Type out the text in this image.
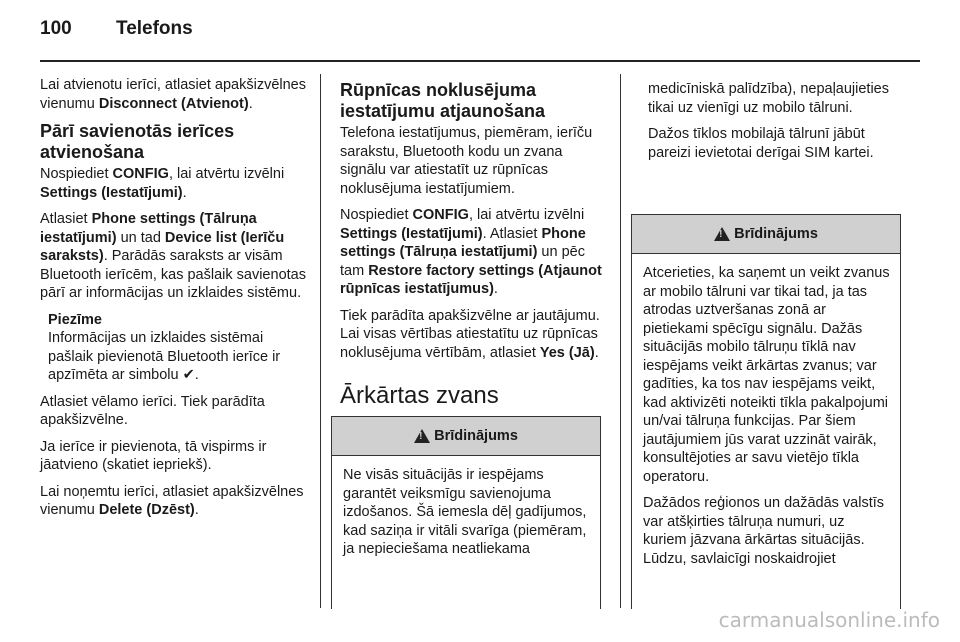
100 Telefons

Lai atvienotu ierīci, atlasiet apakšizvēlnes vienumu Disconnect (Atvienot).

Pārī savienotās ierīces atvienošana

Nospiediet CONFIG, lai atvērtu izvēlni Settings (Iestatījumi).

Atlasiet Phone settings (Tālruņa iestatījumi) un tad Device list (Ierīču saraksts). Parādās saraksts ar visām Bluetooth ierīcēm, kas pašlaik savienotas pārī ar informācijas un izklaides sistēmu.

Piezīme
Informācijas un izklaides sistēmai pašlaik pievienotā Bluetooth ierīce ir apzīmēta ar simbolu ✔.

Atlasiet vēlamo ierīci. Tiek parādīta apakšizvēlne.

Ja ierīce ir pievienota, tā vispirms ir jāatvieno (skatiet iepriekš).

Lai noņemtu ierīci, atlasiet apakšizvēlnes vienumu Delete (Dzēst).

Rūpnīcas noklusējuma iestatījumu atjaunošana

Telefona iestatījumus, piemēram, ierīču sarakstu, Bluetooth kodu un zvana signālu var atiestatīt uz rūpnīcas noklusējuma iestatījumiem.

Nospiediet CONFIG, lai atvērtu izvēlni Settings (Iestatījumi). Atlasiet Phone settings (Tālruņa iestatījumi) un pēc tam Restore factory settings (Atjaunot rūpnīcas iestatījumus).

Tiek parādīta apakšizvēlne ar jautājumu. Lai visas vērtības atiestatītu uz rūpnīcas noklusējuma vērtībām, atlasiet Yes (Jā).

Ārkārtas zvans
!
Brīdinājums
Ne visās situācijās ir iespējams garantēt veiksmīgu savienojuma izdošanos. Šā iemesla dēļ gadījumos, kad saziņa ir vitāli svarīga (piemēram, ja nepieciešama neatliekama

medicīniskā palīdzība), nepaļaujieties tikai uz vienīgi uz mobilo tālruni.

Dažos tīklos mobilajā tālrunī jābūt pareizi ievietotai derīgai SIM kartei.

!
Brīdinājums

Atcerieties, ka saņemt un veikt zvanus ar mobilo tālruni var tikai tad, ja tas atrodas uztveršanas zonā ar pietiekami spēcīgu signālu. Dažās situācijās mobilo tālruņu tīklā nav iespējams veikt ārkārtas zvanus; var gadīties, ka tos nav iespējams veikt, kad aktivizēti noteikti tīkla pakalpojumi un/vai tālruņa funkcijas. Par šiem jautājumiem jūs varat uzzināt vairāk, konsultējoties ar savu vietējo tīkla operatoru.

Dažādos reģionos un dažādās valstīs var atšķirties tālruņa numuri, uz kuriem jāzvana ārkārtas situācijās. Lūdzu, savlaicīgi noskaidrojiet

carmanualsonline.info
